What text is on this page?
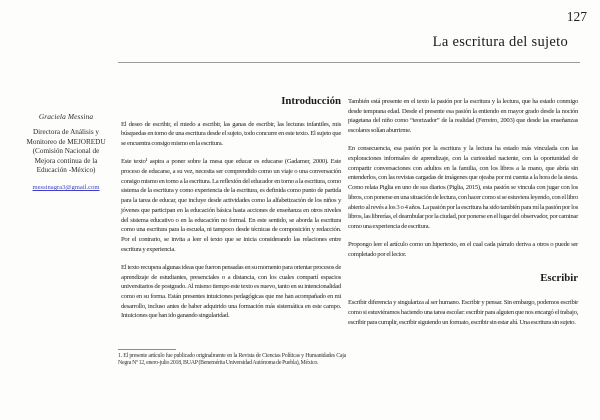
127
La escritura del sujeto
Graciela Messina
Directora de Análisis y
Monitoreo de MEJOREDU
(Comisión Nacional de
Mejora continua de la
Educación -México)
messinagra3@gmail.com
Introducción

El deseo de escribir, el miedo a escribir, las ganas de escribir, las lecturas infantiles, mis búsquedas en torno de una escritura desde el sujeto, todo concurre en este texto. El sujeto que se encuentra consigo mismo en la escritura.

Este texto¹ aspira a poner sobre la mesa que educar es educarse (Gadamer, 2000). Este proceso de educarse, a su vez, necesita ser comprendido como un viaje o una conversación consigo mismo en torno a la escritura. La reflexión del educador en torno a la escritura, como sistema de la escritura y como experiencia de la escritura, es definida como punto de partida para la tarea de educar, que incluye desde actividades como la alfabetización de los niños y jóvenes que participan en la educación básica hasta acciones de enseñanza en otros niveles del sistema educativo o en la educación no formal. En este sentido, se aborda la escritura como una escritura para la escuela, ni tampoco desde técnicas de composición y redacción. Por el contrario, se invita a leer el texto que se inicia considerando las relaciones entre escritura y experiencia.

El texto recupera algunas ideas que fueron pensadas en su momento para orientar procesos de aprendizaje de estudiantes, presenciales o a distancia, con los cuales compartí espacios universitarios de postgrado. Al mismo tiempo este texto es nuevo, tanto en su intencionalidad como en su forma. Están presentes intuiciones pedagógicas que me han acompañado en mi desarrollo, incluso antes de haber adquirido una formación más sistemática en este campo. Intuiciones que han ido ganando singularidad.

También está presente en el texto la pasión por la escritura y la lectura, que ha estado conmigo desde temprana edad. Desde el presente esa pasión la entiendo en mayor grado desde la noción piagetana del niño como “teorizador” de la realidad (Ferreiro, 2003) que desde las enseñanzas escolares solían aburrirme.

En consecuencia, esa pasión por la escritura y la lectura ha estado más vinculada con las exploraciones informales de aprendizaje, con la curiosidad naciente, con la oportunidad de compartir conversaciones con adultos en la familia, con los libros a la mano, que abría sin entenderlos, con las revistas cargadas de imágenes que ojeaba por mi cuenta a la hora de la siesta. Como relata Piglia en uno de sus diarios (Piglia, 2015), esta pasión se vincula con jugar con los libros, con ponerse en una situación de lectura, con hacer como si se estuviera leyendo, con el libro abierto al revés a los 3 o 4 años. La pasión por la escritura ha sido también para mí la pasión por los libros, las librerías, el deambular por la ciudad, por ponerse en el lugar del observador, por caminar como una experiencia de escritura.

Propongo leer el artículo como un hipertexto, en el cual cada párrafo deriva a otros o puede ser completado por el lector.

Escribir

Escribir diferencia y singulariza al ser humano. Escribir y pensar. Sin embargo, podemos escribir como si estuviéramos haciendo una tarea escolar: escribir para alguien que nos encargó el trabajo, escribir para cumplir, escribir siguiendo un formato, escribir sin estar ahí. Una escritura sin sujeto.

1. El presente artículo fue publicado originalmente en la Revista de Ciencias Políticas y Humanidades Caja Negra Nº 12, enero-julio 2018, BUAP (Benemérita Universidad Autónoma de Puebla), México.
